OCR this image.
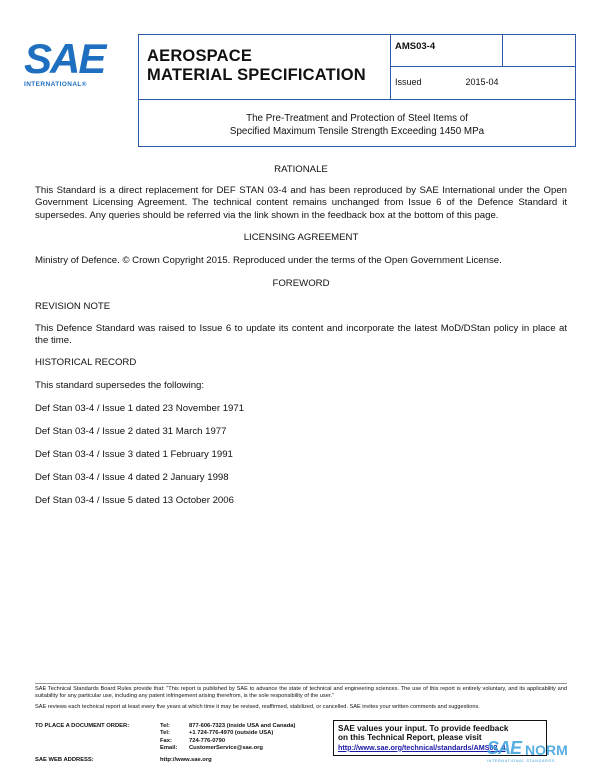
SAE
INTERNATIONAL®
AEROSPACE
MATERIAL SPECIFICATION
AMS03-4
Issued	2015-04
The Pre-Treatment and Protection of Steel Items of
Specified Maximum Tensile Strength Exceeding 1450 MPa
RATIONALE
This Standard is a direct replacement for DEF STAN 03-4 and has been reproduced by SAE International under the Open Government Licensing Agreement. The technical content remains unchanged from Issue 6 of the Defence Standard it supersedes. Any queries should be referred via the link shown in the feedback box at the bottom of this page.
LICENSING AGREEMENT
Ministry of Defence. © Crown Copyright 2015. Reproduced under the terms of the Open Government License.
FOREWORD
REVISION NOTE
This Defence Standard was raised to Issue 6 to update its content and incorporate the latest MoD/DStan policy in place at the time.
HISTORICAL RECORD
This standard supersedes the following:
Def Stan 03-4 / Issue 1 dated 23 November 1971
Def Stan 03-4 / Issue 2 dated 31 March 1977
Def Stan 03-4 / Issue 3 dated 1 February 1991
Def Stan 03-4 / Issue 4 dated 2 January 1998
Def Stan 03-4 / Issue 5 dated 13 October 2006
SAE Technical Standards Board Rules provide that: “This report is published by SAE to advance the state of technical and engineering sciences. The use of this report is entirely voluntary, and its applicability and suitability for any particular use, including any patent infringement arising therefrom, is the sole responsibility of the user.”
SAE reviews each technical report at least every five years at which time it may be revised, reaffirmed, stabilized, or cancelled. SAE invites your written comments and suggestions.
TO PLACE A DOCUMENT ORDER:	Tel:	877-606-7323 (inside USA and Canada)
Tel:	+1 724-776-4970 (outside USA)
Fax:	724-776-0790
Email:	CustomerService@sae.org
SAE WEB ADDRESS:	http://www.sae.org
SAE values your input. To provide feedback
on this Technical Report, please visit
http://www.sae.org/technical/standards/AMS03_4
SAE NORM
INTERNATIONAL STANDARDS
